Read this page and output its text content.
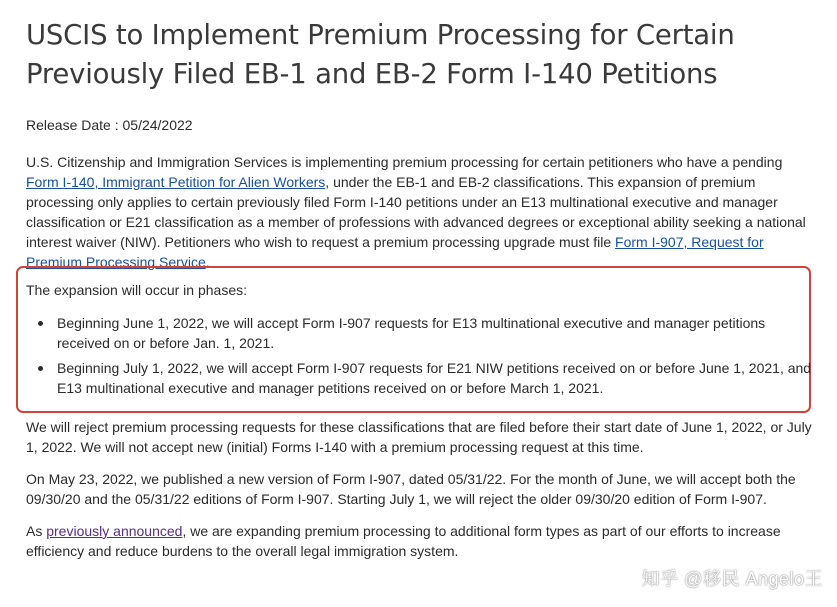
USCIS to Implement Premium Processing for Certain Previously Filed EB-1 and EB-2 Form I-140 Petitions

Release Date : 05/24/2022

U.S. Citizenship and Immigration Services is implementing premium processing for certain petitioners who have a pending Form I-140, Immigrant Petition for Alien Workers, under the EB-1 and EB-2 classifications. This expansion of premium processing only applies to certain previously filed Form I-140 petitions under an E13 multinational executive and manager classification or E21 classification as a member of professions with advanced degrees or exceptional ability seeking a national interest waiver (NIW). Petitioners who wish to request a premium processing upgrade must file Form I-907, Request for Premium Processing Service.

The expansion will occur in phases:

Beginning June 1, 2022, we will accept Form I-907 requests for E13 multinational executive and manager petitions received on or before Jan. 1, 2021.
Beginning July 1, 2022, we will accept Form I-907 requests for E21 NIW petitions received on or before June 1, 2021, and E13 multinational executive and manager petitions received on or before March 1, 2021.

We will reject premium processing requests for these classifications that are filed before their start date of June 1, 2022, or July 1, 2022. We will not accept new (initial) Forms I-140 with a premium processing request at this time.

On May 23, 2022, we published a new version of Form I-907, dated 05/31/22. For the month of June, we will accept both the 09/30/20 and the 05/31/22 editions of Form I-907. Starting July 1, we will reject the older 09/30/20 edition of Form I-907.

As previously announced, we are expanding premium processing to additional form types as part of our efforts to increase efficiency and reduce burdens to the overall legal immigration system.

知乎 @移民 Angelo王
